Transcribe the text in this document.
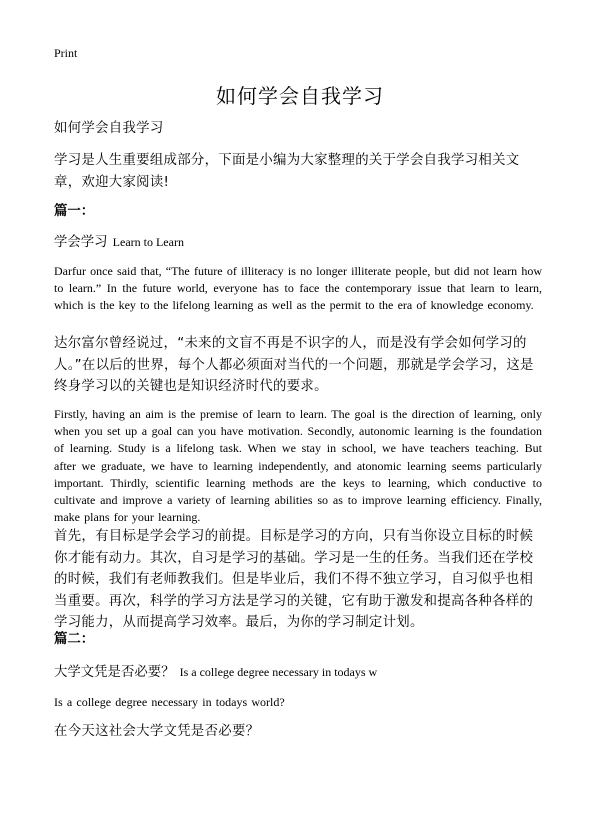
Print
如何学会自我学习

如何学会自我学习

学习是人生重要组成部分，下面是小编为大家整理的关于学会自我学习相关文章，欢迎大家阅读!

篇一：

学会学习 Learn to Learn

Darfur once said that, “The future of illiteracy is no longer illiterate people, but did not learn how to learn.” In the future world, everyone has to face the contemporary issue that learn to learn, which is the key to the lifelong learning as well as the permit to the era of knowledge economy.

达尔富尔曾经说过，“未来的文盲不再是不识字的人，而是没有学会如何学习的人。”在以后的世界，每个人都必须面对当代的一个问题，那就是学会学习，这是终身学习以的关键也是知识经济时代的要求。

Firstly, having an aim is the premise of learn to learn. The goal is the direction of learning, only when you set up a goal can you have motivation. Secondly, autonomic learning is the foundation of learning. Study is a lifelong task. When we stay in school, we have teachers teaching. But after we graduate, we have to learning independently, and atonomic learning seems particularly important. Thirdly, scientific learning methods are the keys to learning, which conductive to cultivate and improve a variety of learning abilities so as to improve learning efficiency. Finally, make plans for your learning.

首先，有目标是学会学习的前提。目标是学习的方向，只有当你设立目标的时候你才能有动力。其次，自习是学习的基础。学习是一生的任务。当我们还在学校的时候，我们有老师教我们。但是毕业后，我们不得不独立学习，自习似乎也相当重要。再次，科学的学习方法是学习的关键，它有助于激发和提高各种各样的学习能力，从而提高学习效率。最后，为你的学习制定计划。

篇二：

大学文凭是否必要？ Is a college degree necessary in todays w

Is a college degree necessary in todays world?

在今天这社会大学文凭是否必要？
